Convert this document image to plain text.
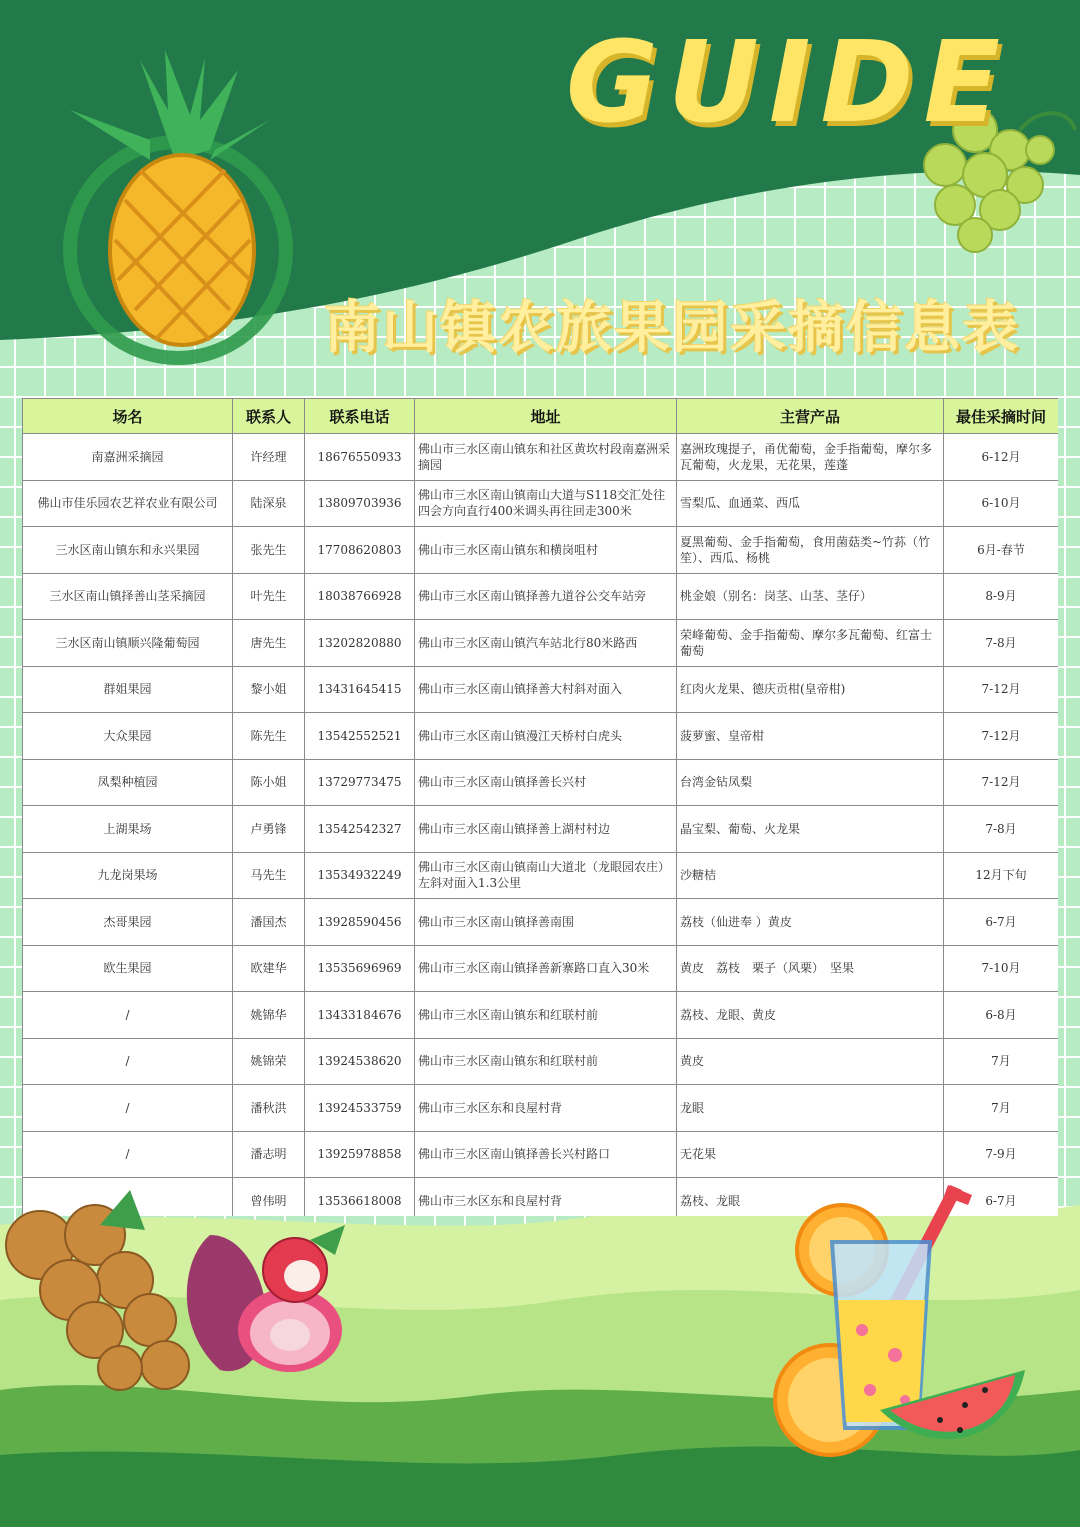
GUIDE
南山镇农旅果园采摘信息表
场名	联系人	联系电话	地址	主营产品	最佳采摘时间
南嘉洲采摘园	许经理	18676550933	佛山市三水区南山镇东和社区黄坎村段南嘉洲采摘园	嘉洲玫瑰提子，甬优葡萄，金手指葡萄，摩尔多瓦葡萄，火龙果，无花果，莲蓬	6-12月
佛山市佳乐园农艺祥农业有限公司	陆深泉	13809703936	佛山市三水区南山镇南山大道与S118交汇处往四会方向直行400米调头再往回走300米	雪梨瓜、血通菜、西瓜	6-10月
三水区南山镇东和永兴果园	张先生	17708620803	佛山市三水区南山镇东和横岗咀村	夏黑葡萄、金手指葡萄，食用菌菇类~竹荪（竹笙）、西瓜、杨桃	6月-春节
三水区南山镇择善山茎采摘园	叶先生	18038766928	佛山市三水区南山镇择善九道谷公交车站旁	桃金娘（别名：岗茎、山茎、茎仔）	8-9月
三水区南山镇顺兴隆葡萄园	唐先生	13202820880	佛山市三水区南山镇汽车站北行80米路西	荣峰葡萄、金手指葡萄、摩尔多瓦葡萄、红富士葡萄	7-8月
群姐果园	黎小姐	13431645415	佛山市三水区南山镇择善大村斜对面入	红肉火龙果、德庆贡柑(皇帝柑)	7-12月
大众果园	陈先生	13542552521	佛山市三水区南山镇漫江天桥村白虎头	菠萝蜜、皇帝柑	7-12月
凤梨种植园	陈小姐	13729773475	佛山市三水区南山镇择善长兴村	台湾金钻凤梨	7-12月
上湖果场	卢勇锋	13542542327	佛山市三水区南山镇择善上湖村村边	晶宝梨、葡萄、火龙果	7-8月
九龙岗果场	马先生	13534932249	佛山市三水区南山镇南山大道北（龙眼园农庄）左斜对面入1.3公里	沙糖桔	12月下旬
杰哥果园	潘国杰	13928590456	佛山市三水区南山镇择善南围	荔枝（仙进奉 ）黄皮	6-7月
欧生果园	欧建华	13535696969	佛山市三水区南山镇择善新寨路口直入30米	黄皮　荔枝　栗子（风栗）　坚果	7-10月
/	姚锦华	13433184676	佛山市三水区南山镇东和红联村前	荔枝、龙眼、黄皮	6-8月
/	姚锦荣	13924538620	佛山市三水区南山镇东和红联村前	黄皮	7月
/	潘秋洪	13924533759	佛山市三水区东和良屋村背	龙眼	7月
/	潘志明	13925978858	佛山市三水区南山镇择善长兴村路口	无花果	7-9月
	曾伟明	13536618008	佛山市三水区东和良屋村背	荔枝、龙眼	6-7月
